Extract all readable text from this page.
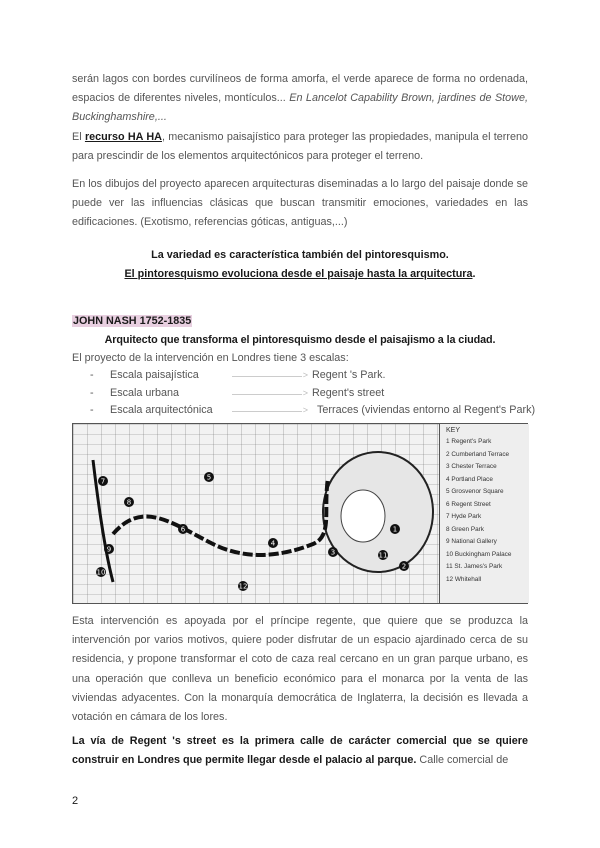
serán lagos con bordes curvilíneos de forma amorfa, el verde aparece de forma no ordenada, espacios de diferentes niveles, montículos... En Lancelot Capability Brown, jardines de Stowe, Buckinghamshire,...
El recurso HA HA, mecanismo paisajístico para proteger las propiedades, manipula el terreno para prescindir de los elementos arquitectónicos para proteger el terreno.
En los dibujos del proyecto aparecen arquitecturas diseminadas a lo largo del paisaje donde se puede ver las influencias clásicas que buscan transmitir emociones, variedades en las edificaciones. (Exotismo, referencias góticas, antiguas,...)
La variedad es característica también del pintoresquismo.
El pintoresquismo evoluciona desde el paisaje hasta la arquitectura.
JOHN NASH 1752-1835
Arquitecto que transforma el pintoresquismo desde el paisajismo a la ciudad.
El proyecto de la intervención en Londres tiene 3 escalas:
- Escala paisajística >	Regent 's Park.
- Escala urbana >	Regent's street
- Escala arquitectónica >	Terraces (viviendas entorno al Regent's Park)
1
2
3
4
5
6
7
8
9
10
11
12
KEY
1 Regent's Park
2 Cumberland Terrace
3 Chester Terrace
4 Portland Place
5 Grosvenor Square
6 Regent Street
7 Hyde Park
8 Green Park
9 National Gallery
10 Buckingham Palace
11 St. James's Park
12 Whitehall
Esta intervención es apoyada por el príncipe regente, que quiere que se produzca la intervención por varios motivos, quiere poder disfrutar de un espacio ajardinado cerca de su residencia, y propone transformar el coto de caza real cercano en un gran parque urbano, es una operación que conlleva un beneficio económico para el monarca por la venta de las viviendas adyacentes. Con la monarquía democrática de Inglaterra, la decisión es llevada a votación en cámara de los lores.
La vía de Regent 's street es la primera calle de carácter comercial que se quiere construir en Londres que permite llegar desde el palacio al parque. Calle comercial de
2
